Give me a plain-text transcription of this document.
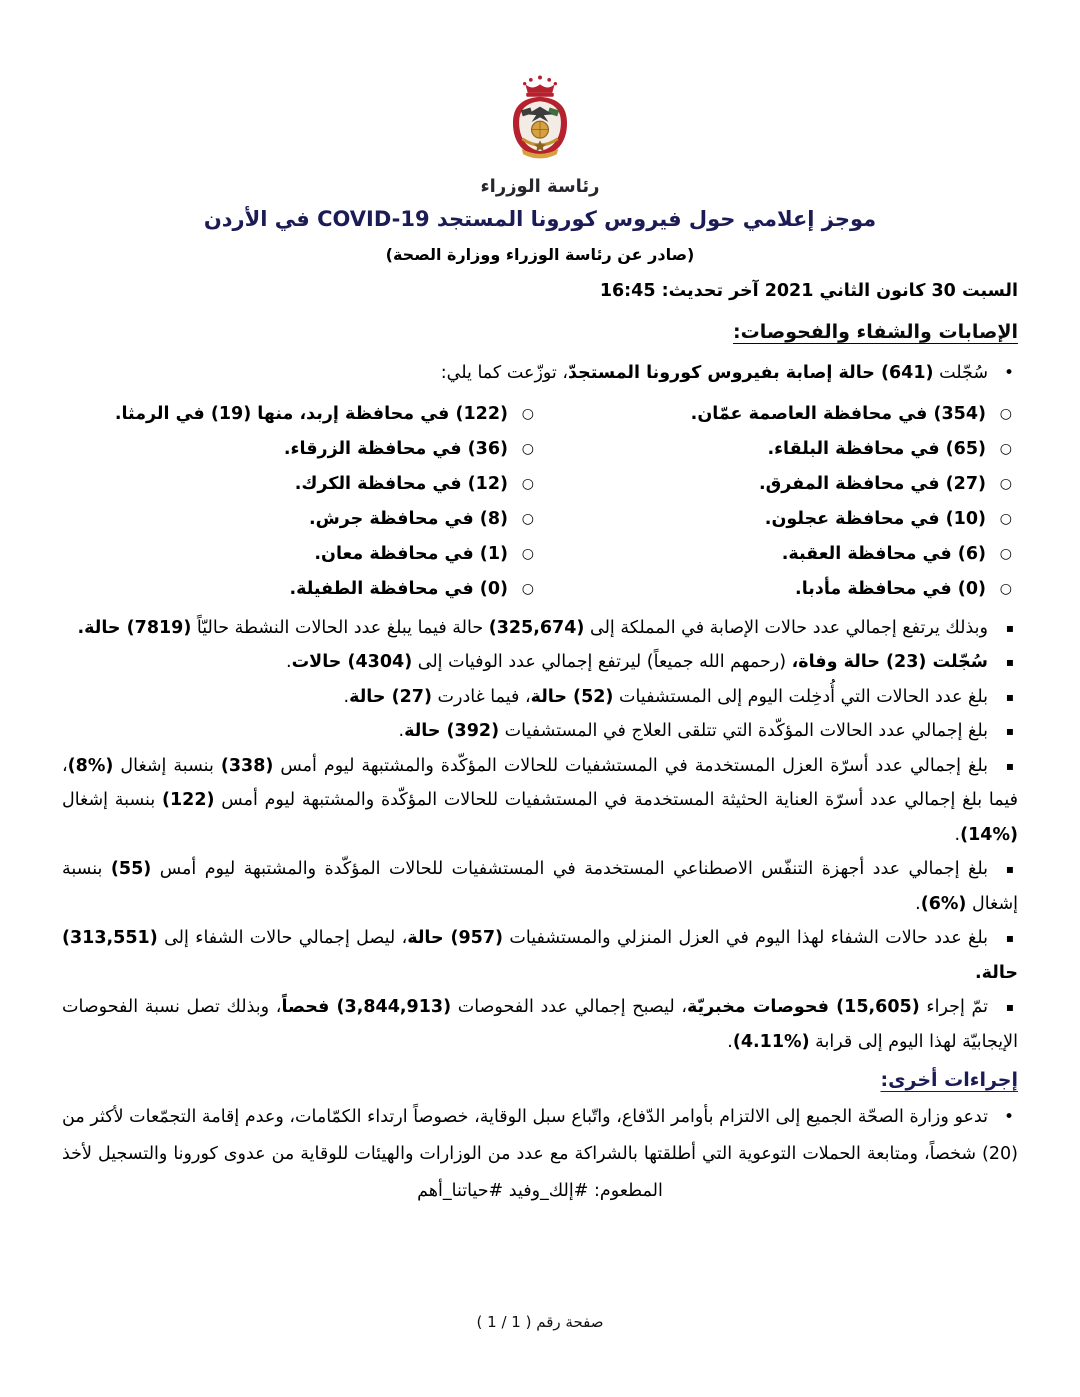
رئاسة الوزراء
موجز إعلامي حول فيروس كورونا المستجد COVID-19 في الأردن
(صادر عن رئاسة الوزراء ووزارة الصحة)
السبت 30 كانون الثاني 2021 آخر تحديث: 16:45
الإصابات والشفاء والفحوصات:
•

سُجّلت (641) حالة إصابة بفيروس كورونا المستجدّ، توزّعت كما يلي:

○
(354) في محافظة العاصمة عمّان.
○
(65) في محافظة البلقاء.
○
(27) في محافظة المفرق.
○
(10) في محافظة عجلون.
○
(6) في محافظة العقبة.
○
(0) في محافظة مأدبا.
○
(122) في محافظة إربد، منها (19) في الرمثا.
○
(36) في محافظة الزرقاء.
○
(12) في محافظة الكرك.
○
(8) في محافظة جرش.
○
(1) في محافظة معان.
○
(0) في محافظة الطفيلة.
▪

وبذلك يرتفع إجمالي عدد حالات الإصابة في المملكة إلى (325,674) حالة فيما يبلغ عدد الحالات النشطة حاليّاً (7819) حالة.

▪

سُجّلت (23) حالة وفاة، (رحمهم الله جميعاً) ليرتفع إجمالي عدد الوفيات إلى (4304) حالات.

▪

بلغ عدد الحالات التي أُدخِلت اليوم إلى المستشفيات (52) حالة، فيما غادرت (27) حالة.

▪

بلغ إجمالي عدد الحالات المؤكّدة التي تتلقى العلاج في المستشفيات (392) حالة.

▪

بلغ إجمالي عدد أسرّة العزل المستخدمة في المستشفيات للحالات المؤكّدة والمشتبهة ليوم أمس (338) بنسبة إشغال (%8)، فيما بلغ إجمالي عدد أسرّة العناية الحثيثة المستخدمة في المستشفيات للحالات المؤكّدة والمشتبهة ليوم أمس (122) بنسبة إشغال (%14).

▪

بلغ إجمالي عدد أجهزة التنفّس الاصطناعي المستخدمة في المستشفيات للحالات المؤكّدة والمشتبهة ليوم أمس (55) بنسبة إشغال (%6).

▪

بلغ عدد حالات الشفاء لهذا اليوم في العزل المنزلي والمستشفيات (957) حالة، ليصل إجمالي حالات الشفاء إلى (313,551) حالة.

▪

تمّ إجراء (15,605) فحوصات مخبريّة، ليصبح إجمالي عدد الفحوصات (3,844,913) فحصاً، وبذلك تصل نسبة الفحوصات الإيجابيّة لهذا اليوم إلى قرابة (%4.11).

إجراءات أخرى:
•

تدعو وزارة الصحّة الجميع إلى الالتزام بأوامر الدّفاع، واتّباع سبل الوقاية، خصوصاً ارتداء الكمّامات، وعدم إقامة التجمّعات لأكثر من (20) شخصاً، ومتابعة الحملات التوعوية التي أطلقتها بالشراكة مع عدد من الوزارات والهيئات للوقاية من عدوى كورونا والتسجيل لأخذ المطعوم: #إلك_وفيد #حياتنا_أهم

صفحة رقم ( 1 / 1 )
